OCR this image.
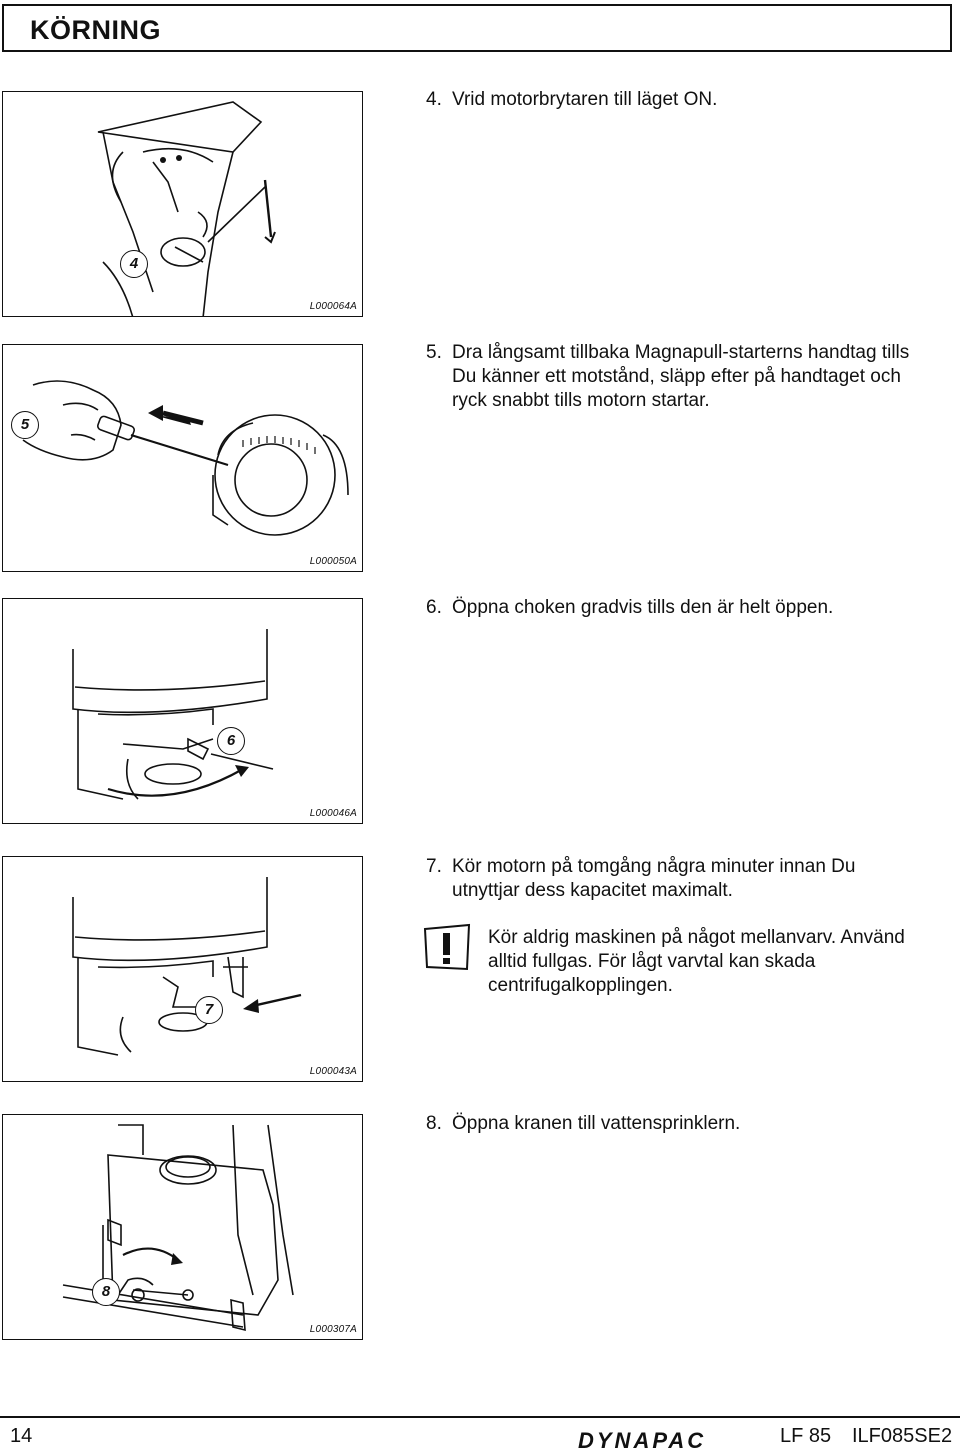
KÖRNING
4
L000064A
4. Vrid motorbrytaren till läget ON.
5
L000050A
5. Dra långsamt tillbaka Magnapull-starterns handtag tills Du känner ett motstånd, släpp efter på handtaget och ryck snabbt tills motorn startar.
6
L000046A
6. Öppna choken gradvis tills den är helt öppen.
7
L000043A
7. Kör motorn på tomgång några minuter innan Du utnyttjar dess kapacitet maximalt.
Kör aldrig maskinen på något mellanvarv. Använd alltid fullgas. För lågt varvtal kan skada centrifugalkopplingen.
8
L000307A
8. Öppna kranen till vattensprinklern.
14	DYNAPAC	LF 85 ILF085SE2
